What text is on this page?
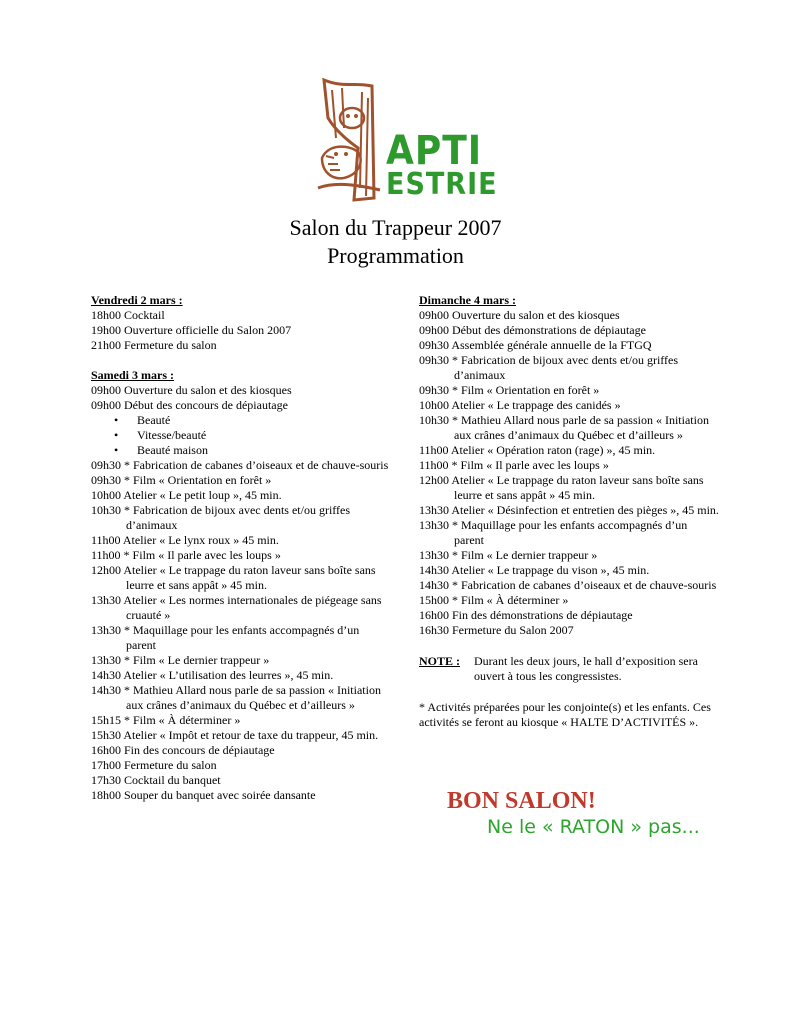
APTI
ESTRIE
Salon du Trappeur 2007
Programmation
Vendredi 2 mars :
18h00 Cocktail
19h00 Ouverture officielle du Salon 2007
21h00 Fermeture du salon
Samedi 3 mars :
09h00 Ouverture du salon et des kiosques
09h00 Début des concours de dépiautage
• Beauté
• Vitesse/beauté
• Beauté maison
09h30 * Fabrication de cabanes d’oiseaux et de chauve-souris
09h30 * Film « Orientation en forêt »
10h00 Atelier « Le petit loup », 45 min.
10h30 * Fabrication de bijoux avec dents et/ou griffes d’animaux
11h00 Atelier « Le lynx roux » 45 min.
11h00 * Film « Il parle avec les loups »
12h00 Atelier « Le trappage du raton laveur sans boîte sans leurre et sans appât » 45 min.
13h30 Atelier « Les normes internationales de piégeage sans cruauté »
13h30 * Maquillage pour les enfants accompagnés d’un parent
13h30 * Film « Le dernier trappeur »
14h30 Atelier « L’utilisation des leurres », 45 min.
14h30 * Mathieu Allard nous parle de sa passion « Initiation aux crânes d’animaux du Québec et d’ailleurs »
15h15 * Film « À déterminer »
15h30 Atelier « Impôt et retour de taxe du trappeur, 45 min.
16h00 Fin des concours de dépiautage
17h00 Fermeture du salon
17h30 Cocktail du banquet
18h00 Souper du banquet avec soirée dansante
Dimanche 4 mars :
09h00 Ouverture du salon et des kiosques
09h00 Début des démonstrations de dépiautage
09h30 Assemblée générale annuelle de la FTGQ
09h30 * Fabrication de bijoux avec dents et/ou griffes d’animaux
09h30 * Film « Orientation en forêt »
10h00 Atelier « Le trappage des canidés »
10h30 * Mathieu Allard nous parle de sa passion « Initiation aux crânes d’animaux du Québec et d’ailleurs »
11h00 Atelier « Opération raton (rage) », 45 min.
11h00 * Film « Il parle avec les loups »
12h00 Atelier « Le trappage du raton laveur sans boîte sans leurre et sans appât » 45 min.
13h30 Atelier « Désinfection et entretien des pièges », 45 min.
13h30 * Maquillage pour les enfants accompagnés d’un parent
13h30 * Film « Le dernier trappeur »
14h30 Atelier « Le trappage du vison », 45 min.
14h30 * Fabrication de cabanes d’oiseaux et de chauve-souris
15h00 * Film « À déterminer »
16h00 Fin des démonstrations de dépiautage
16h30 Fermeture du Salon 2007
NOTE :	Durant les deux jours, le hall d’exposition sera ouvert à tous les congressistes.
* Activités préparées pour les conjointe(s) et les enfants. Ces activités se feront au kiosque « HALTE D’ACTIVITÉS ».
BON SALON!
Ne le « RATON » pas...
